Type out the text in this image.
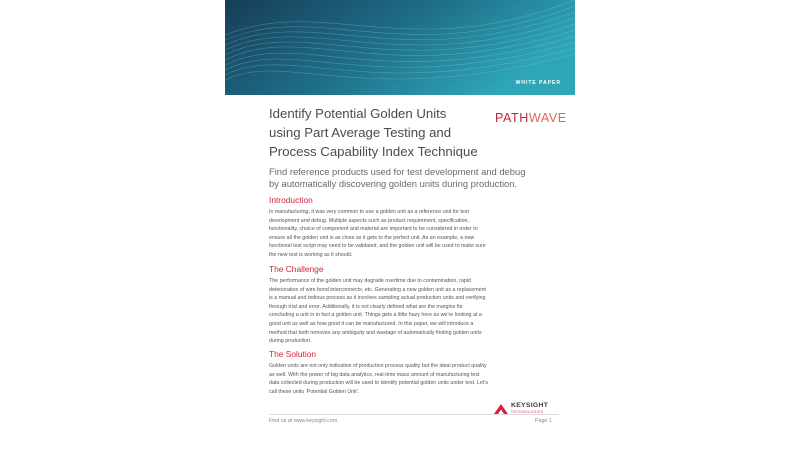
WHITE PAPER
Identify Potential Golden Units
using Part Average Testing and
Process Capability Index Technique
PATHWAVE

Find reference products used for test development and debug
by automatically discovering golden units during production.

Introduction

In manufacturing, it was very common to use a golden unit as a reference unit for test
development and debug. Multiple aspects such as product requirement, specification,
functionality, choice of component and material are important to be considered in order to
ensure all the golden unit is as close as it gets to the perfect unit. As an example, a new
functional test script may need to be validated, and the golden unit will be used to make sure
the new test is working as it should.

The Challenge

The performance of the golden unit may degrade overtime due to contamination, rapid
deterioration of wire bond interconnects, etc. Generating a new golden unit as a replacement
is a manual and tedious process as it involves sampling actual production units and verifying
through trial and error. Additionally, it is not clearly defined what are the margins for
concluding a unit in in fact a golden unit. Things gets a little hazy here as we’re looking at a
good unit as well as how good it can be manufactured. In this paper, we will introduce a
method that both removes any ambiguity and wastage of automatically finding golden units
during production.

The Solution

Golden units are not only indicative of production process quality but the ideal product quality
as well. With the power of big data analytics, real-time mass amount of manufacturing test
data collected during production will be used to identify potential golden units under test. Let’s
call these units ‘Potential Golden Unit’.

KEYSIGHT
TECHNOLOGIES
Find us at www.keysight.com	Page 1
